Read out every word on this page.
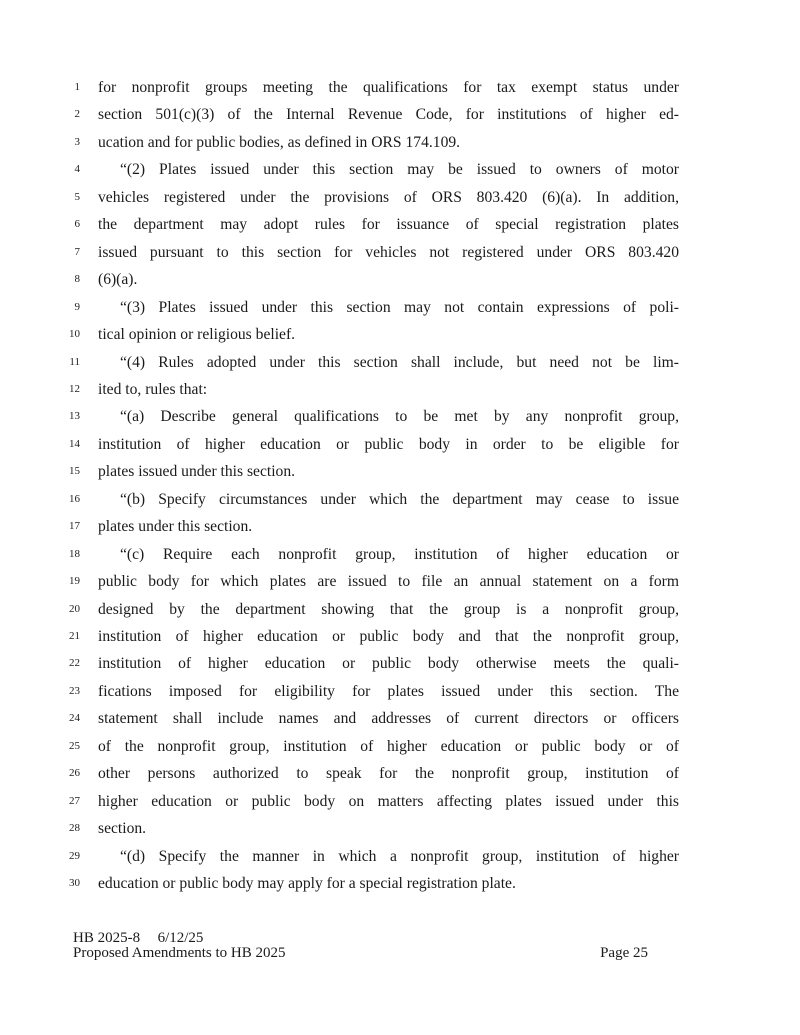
1 for nonprofit groups meeting the qualifications for tax exempt status under
2 section 501(c)(3) of the Internal Revenue Code, for institutions of higher ed-
3 ucation and for public bodies, as defined in ORS 174.109.
4	“(2) Plates issued under this section may be issued to owners of motor
5 vehicles registered under the provisions of ORS 803.420 (6)(a). In addition,
6 the department may adopt rules for issuance of special registration plates
7 issued pursuant to this section for vehicles not registered under ORS 803.420
8 (6)(a).
9	“(3) Plates issued under this section may not contain expressions of poli-
10 tical opinion or religious belief.
11	“(4) Rules adopted under this section shall include, but need not be lim-
12 ited to, rules that:
13	“(a) Describe general qualifications to be met by any nonprofit group,
14 institution of higher education or public body in order to be eligible for
15 plates issued under this section.
16	“(b) Specify circumstances under which the department may cease to issue
17 plates under this section.
18	“(c) Require each nonprofit group, institution of higher education or
19 public body for which plates are issued to file an annual statement on a form
20 designed by the department showing that the group is a nonprofit group,
21 institution of higher education or public body and that the nonprofit group,
22 institution of higher education or public body otherwise meets the quali-
23 fications imposed for eligibility for plates issued under this section. The
24 statement shall include names and addresses of current directors or officers
25 of the nonprofit group, institution of higher education or public body or of
26 other persons authorized to speak for the nonprofit group, institution of
27 higher education or public body on matters affecting plates issued under this
28 section.
29	“(d) Specify the manner in which a nonprofit group, institution of higher
30 education or public body may apply for a special registration plate.
HB 2025-8 6/12/25
Proposed Amendments to HB 2025	Page 25
